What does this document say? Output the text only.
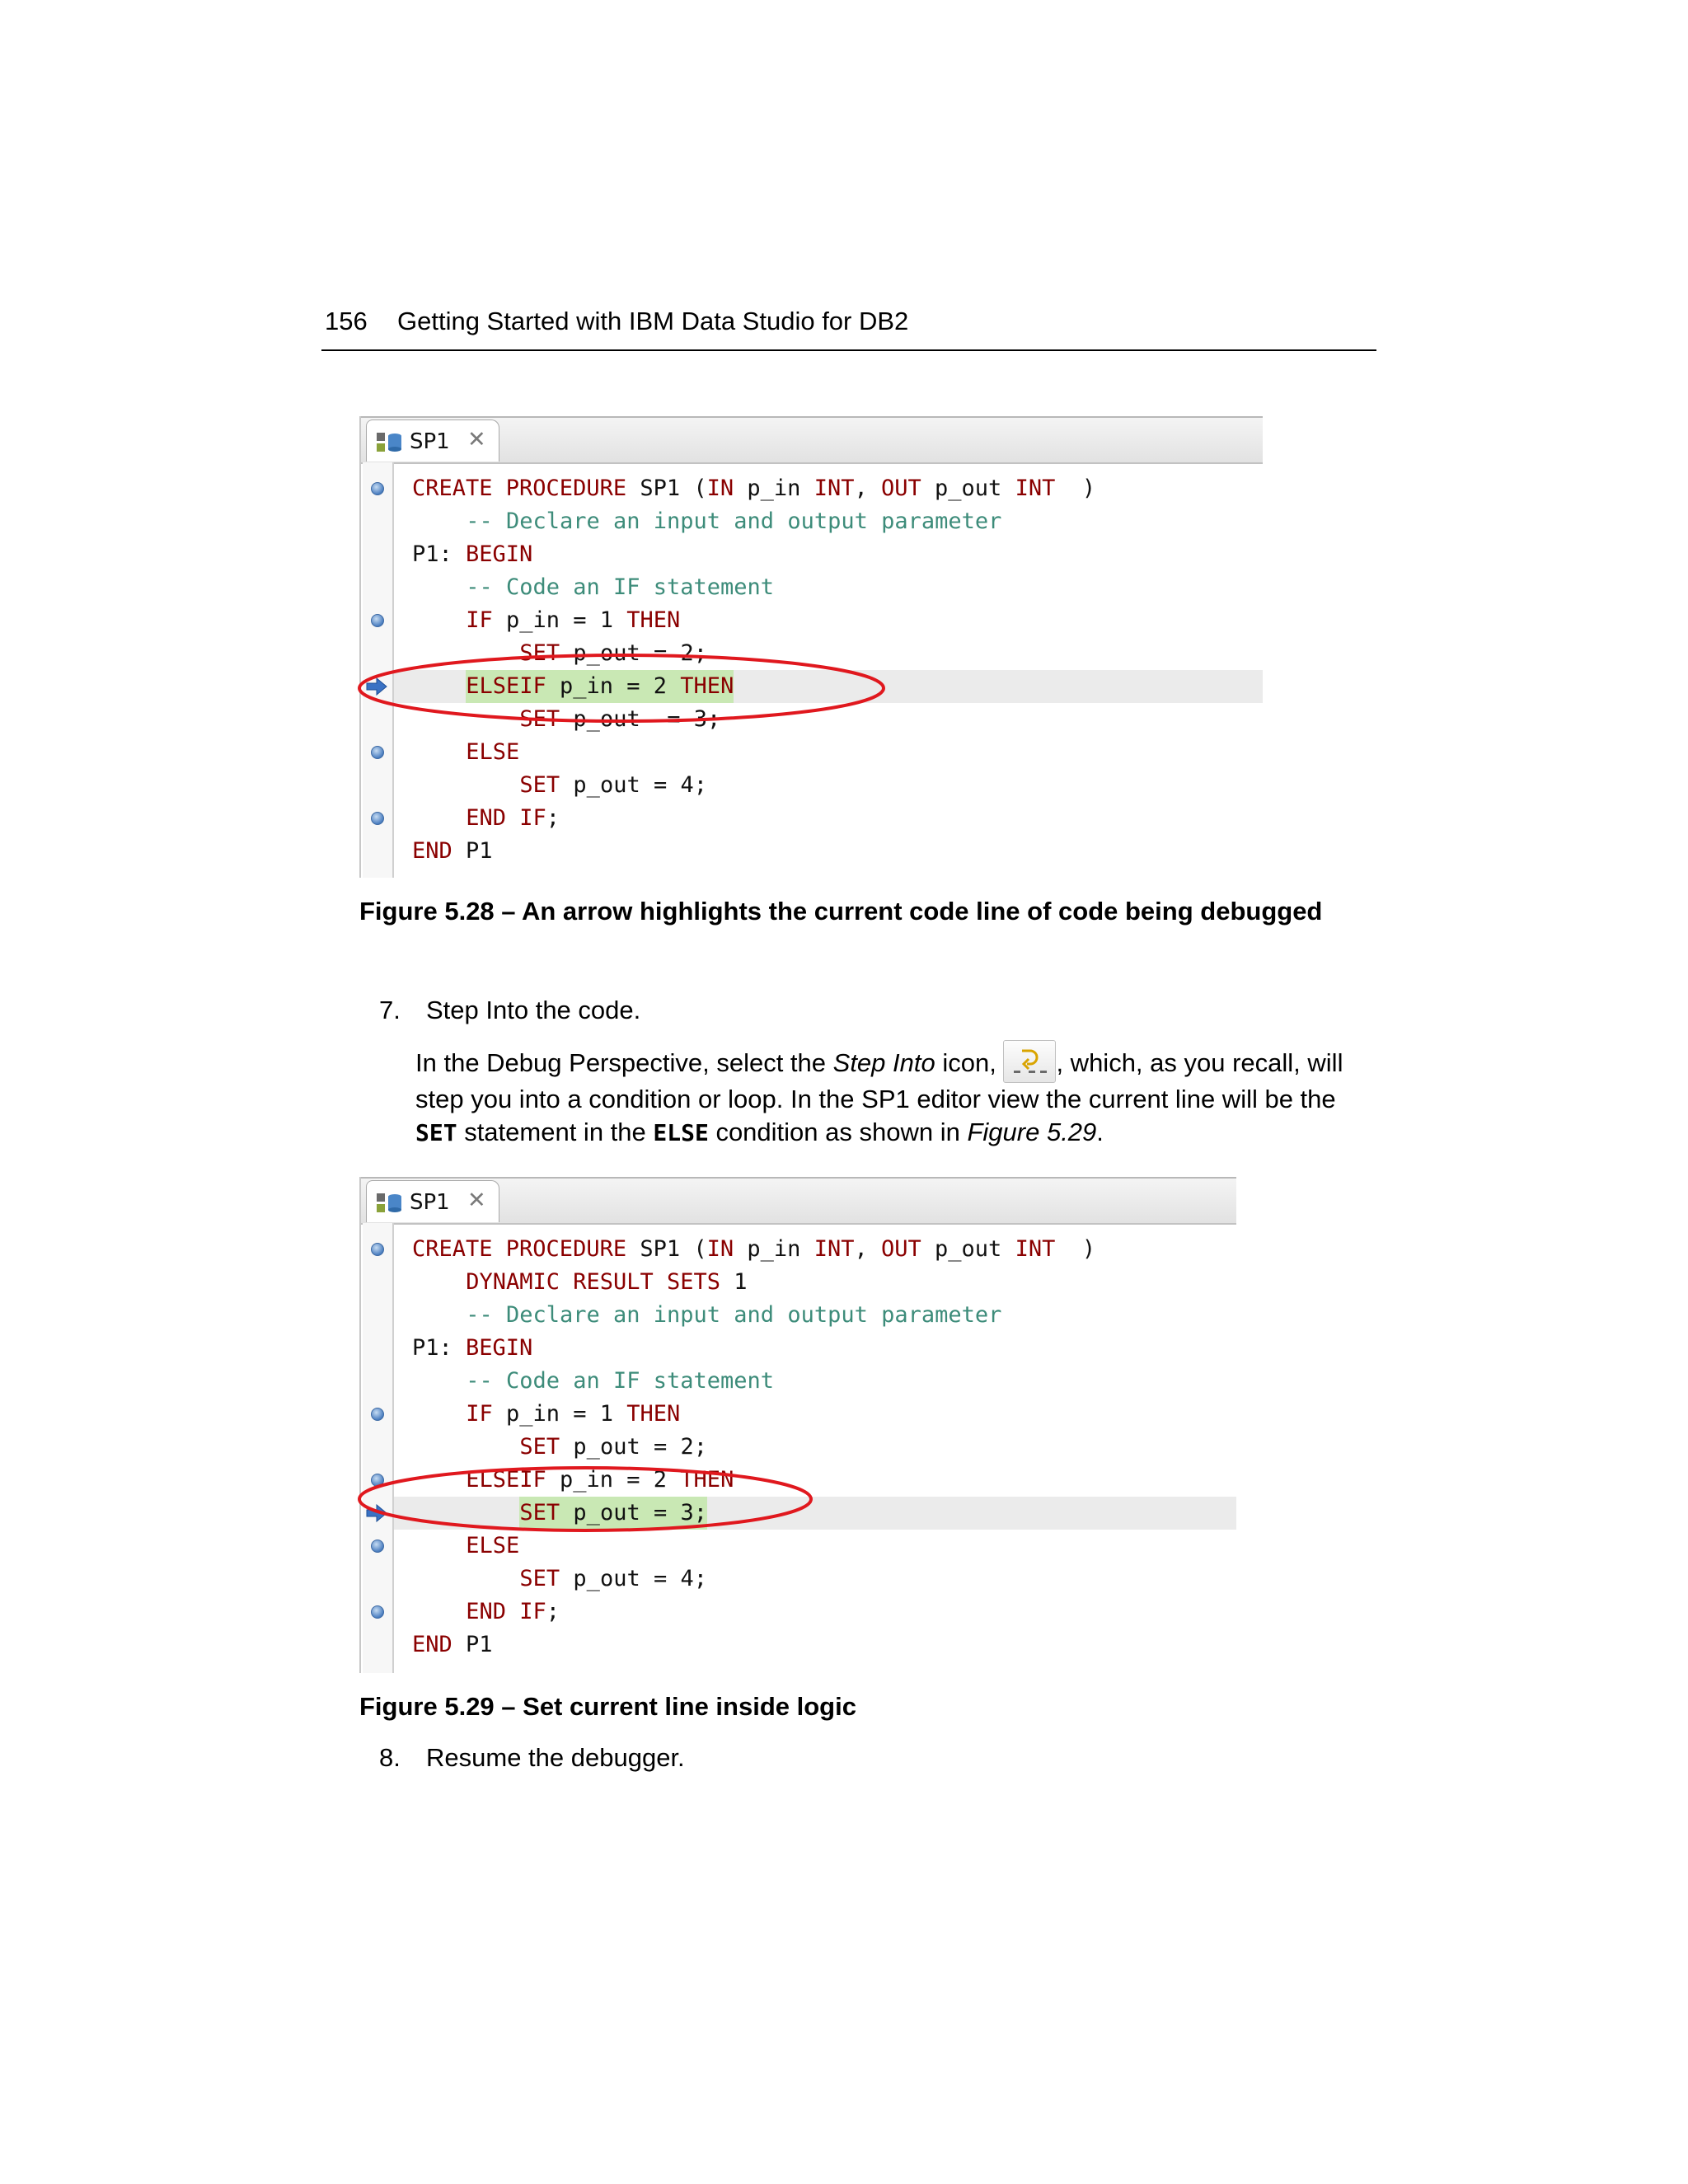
156 Getting Started with IBM Data Studio for DB2
SP1 ✕
CREATE PROCEDURE SP1 (IN p_in INT, OUT p_out INT  )
-- Declare an input and output parameter
P1: BEGIN
-- Code an IF statement
IF p_in = 1 THEN
SET p_out = 2;
ELSEIF p_in = 2 THEN
SET p_out  = 3;
ELSE
SET p_out = 4;
END IF;
END P1
Figure 5.28 – An arrow highlights the current code line of code being debugged
7. Step Into the code.
In the Debug Perspective, select the Step Into icon,
, which, as you recall, will step you into a condition or loop. In the SP1 editor view the current line will be the SET statement in the ELSE condition as shown in Figure 5.29.
SP1 ✕
CREATE PROCEDURE SP1 (IN p_in INT, OUT p_out INT  )
DYNAMIC RESULT SETS 1
-- Declare an input and output parameter
P1: BEGIN
-- Code an IF statement
IF p_in = 1 THEN
SET p_out = 2;
ELSEIF p_in = 2 THEN
SET p_out = 3;
ELSE
SET p_out = 4;
END IF;
END P1
Figure 5.29 – Set current line inside logic
8. Resume the debugger.
